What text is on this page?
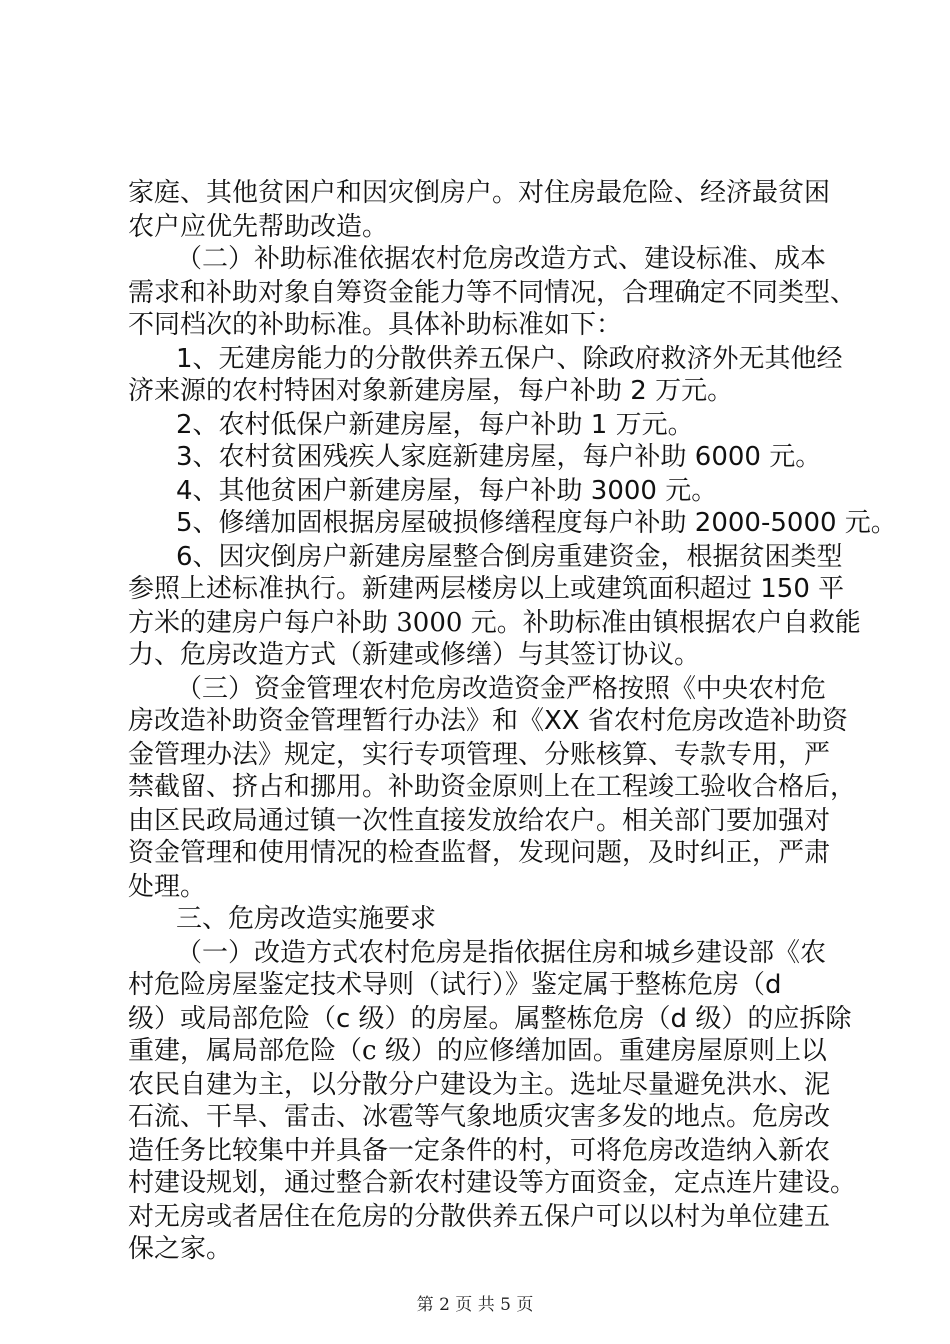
家庭、其他贫困户和因灾倒房户。对住房最危险、经济最贫困
农户应优先帮助改造。
（二）补助标准依据农村危房改造方式、建设标准、成本
需求和补助对象自筹资金能力等不同情况，合理确定不同类型、
不同档次的补助标准。具体补助标准如下：
1、无建房能力的分散供养五保户、除政府救济外无其他经
济来源的农村特困对象新建房屋，每户补助 2 万元。
2、农村低保户新建房屋，每户补助 1 万元。
3、农村贫困残疾人家庭新建房屋，每户补助 6000 元。
4、其他贫困户新建房屋，每户补助 3000 元。
5、修缮加固根据房屋破损修缮程度每户补助 2000-5000 元。
6、因灾倒房户新建房屋整合倒房重建资金，根据贫困类型
参照上述标准执行。新建两层楼房以上或建筑面积超过 150 平
方米的建房户每户补助 3000 元。补助标准由镇根据农户自救能
力、危房改造方式（新建或修缮）与其签订协议。
（三）资金管理农村危房改造资金严格按照《中央农村危
房改造补助资金管理暂行办法》和《XX 省农村危房改造补助资
金管理办法》规定，实行专项管理、分账核算、专款专用，严
禁截留、挤占和挪用。补助资金原则上在工程竣工验收合格后，
由区民政局通过镇一次性直接发放给农户。相关部门要加强对
资金管理和使用情况的检查监督，发现问题，及时纠正，严肃
处理。
三、危房改造实施要求
（一）改造方式农村危房是指依据住房和城乡建设部《农
村危险房屋鉴定技术导则（试行）》鉴定属于整栋危房（d
级）或局部危险（c 级）的房屋。属整栋危房（d 级）的应拆除
重建，属局部危险（c 级）的应修缮加固。重建房屋原则上以
农民自建为主，以分散分户建设为主。选址尽量避免洪水、泥
石流、干旱、雷击、冰雹等气象地质灾害多发的地点。危房改
造任务比较集中并具备一定条件的村，可将危房改造纳入新农
村建设规划，通过整合新农村建设等方面资金，定点连片建设。
对无房或者居住在危房的分散供养五保户可以以村为单位建五
保之家。
第 2 页 共 5 页
